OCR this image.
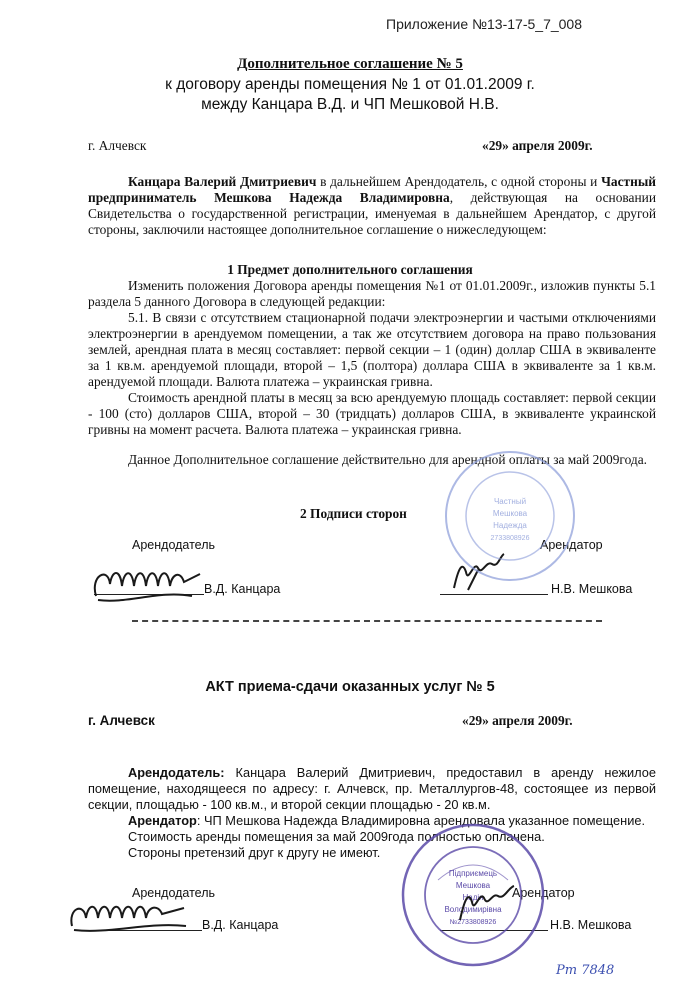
Приложение №13-17-5_7_008
Дополнительное соглашение № 5
к договору аренды помещения № 1 от 01.01.2009 г.
между Канцара В.Д. и ЧП Мешковой Н.В.
г. Алчевск	«29» апреля 2009г.

Канцара Валерий Дмитриевич в дальнейшем Арендодатель, с одной стороны и Частный предприниматель Мешкова Надежда Владимировна, действующая на основании Свидетельства о государственной регистрации, именуемая в дальнейшем Арендатор, с другой стороны, заключили настоящее дополнительное соглашение о нижеследующем:

1 Предмет дополнительного соглашения

Изменить положения Договора аренды помещения №1 от 01.01.2009г., изложив пункты 5.1 раздела 5 данного Договора в следующей редакции:

5.1. В связи с отсутствием стационарной подачи электроэнергии и частыми отключениями электроэнергии в арендуемом помещении, а так же отсутствием договора на право пользования землей, арендная плата в месяц составляет: первой секции – 1 (один) доллар США в эквиваленте за 1 кв.м. арендуемой площади, второй – 1,5 (полтора) доллара США в эквиваленте за 1 кв.м. арендуемой площади. Валюта платежа – украинская гривна.

Стоимость арендной платы в месяц за всю арендуемую площадь составляет: первой секции - 100 (сто) долларов США, второй – 30 (тридцать) долларов США, в эквиваленте украинской гривны на момент расчета. Валюта платежа – украинская гривна.

Данное Дополнительное соглашение действительно для арендной оплаты за май 2009года.

2 Подписи сторон
Арендодатель	Арендатор
В.Д. Канцара	Н.В. Мешкова
Частный
Мешкова
Надежда
2733808926
АКТ приема-сдачи оказанных услуг № 5
г. Алчевск	«29» апреля 2009г.

Арендодатель: Канцара Валерий Дмитриевич, предоставил в аренду нежилое помещение, находящееся по адресу: г. Алчевск, пр. Металлургов-48, состоящее из первой секции, площадью - 100 кв.м., и второй секции площадью - 20 кв.м.

Арендатор: ЧП Мешкова Надежда Владимировна арендовала указанное помещение.

Стоимость аренды помещения за май 2009года полностью оплачена.

Стороны претензий друг к другу не имеют.

Арендодатель	Арендатор
В.Д. Канцара	Н.В. Мешкова
Підприємець
Мешкова
Надія
Володимирівна
№2733808926
Рт 7848
